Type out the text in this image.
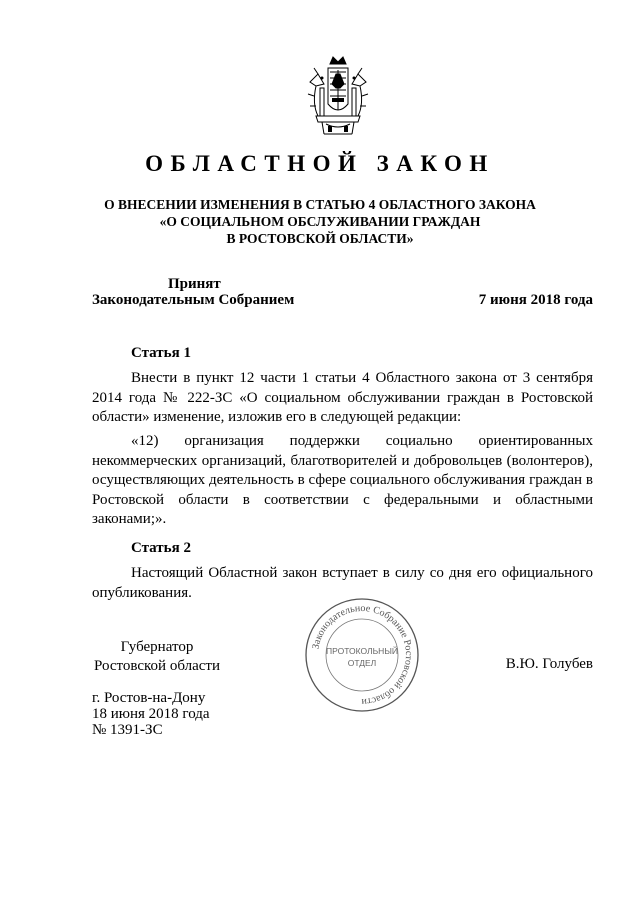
ОБЛАСТНОЙ ЗАКОН
О ВНЕСЕНИИ ИЗМЕНЕНИЯ В СТАТЬЮ 4 ОБЛАСТНОГО ЗАКОНА
«О СОЦИАЛЬНОМ ОБСЛУЖИВАНИИ ГРАЖДАН
В РОСТОВСКОЙ ОБЛАСТИ»
Принят
Законодательным Собранием	7 июня 2018 года
Статья 1

Внести в пункт 12 части 1 статьи 4 Областного закона от 3 сентября 2014 года № 222-ЗС «О социальном обслуживании граждан в Ростовской области» изменение, изложив его в следующей редакции:

«12) организация поддержки социально ориентированных некоммерческих организаций, благотворителей и добровольцев (волонтеров), осуществляющих деятельность в сфере социального обслуживания граждан в Ростовской области в соответствии с федеральными и областными законами;».

Статья 2

Настоящий Областной закон вступает в силу со дня его официального опубликования.

Губернатор
Ростовской области	В.Ю. Голубев
Законодательное Собрание Ростовской области
ПРОТОКОЛЬНЫЙ
ОТДЕЛ
г. Ростов-на-Дону
18 июня 2018 года
№ 1391-ЗС
